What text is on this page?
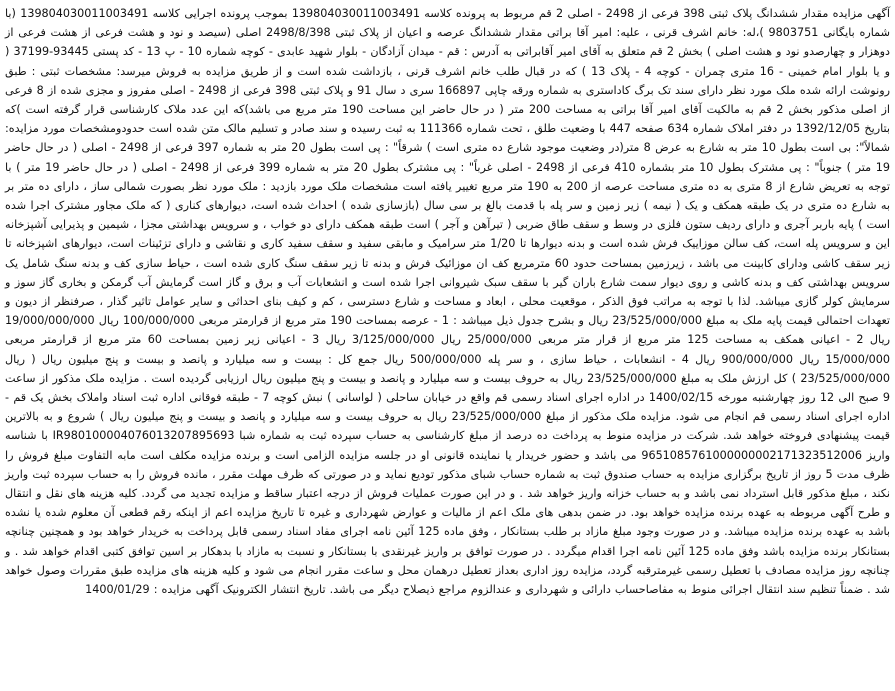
آگهی مزایده مقدار ششدانگ پلاک ثبتی 398 فرعی از 2498 - اصلی 2 قم مربوط به پرونده کلاسه 139804030011003491 بموجب پرونده اجرایی کلاسه 139804030011003491 (با شماره بایگانی 9803751 )،له: خانم اشرف قرنی ، علیه: امیر آقا براتی مقدار ششدانگ عرصه و اعیان از پلاک ثبتی 2498/8/398 اصلی (سیصد و نود و هشت فرعی از هشت فرعی از دوهزار و چهارصدو نود و هشت اصلی ) بخش 2 قم متعلق به آقای امیر آقابراتی به آدرس : قم - میدان آزادگان - بلوار شهید عابدی - کوچه شماره 10 - پ 13 - کد پستی 93445-37199 ( و یا بلوار امام خمینی - 16 متری چمران - کوچه 4 - پلاک 13 ) که در قبال طلب خانم اشرف قرنی ، بازداشت شده است و از طریق مزایده به فروش میرسد: مشخصات ثبتی : طبق رونوشت ارائه شده ملک مورد نظر دارای سند تک برگ کاداستری به شماره ورقه چاپی 166897 سری د سال 91 و پلاک ثبتی 398 فرعی از 2498 - اصلی مفروز و مجزی شده از 8 فرعی از اصلی مذکور بخش 2 قم به مالکیت آقای امیر آقا براتی به مساحت 200 متر ( در حال حاضر این مساحت 190 متر مربع می باشد)که این عدد ملاک کارشناسی قرار گرفته است )که بتاریخ 1392/12/05 در دفتر املاک شماره 634 صفحه 447 با وضعیت طلق ، تحت شماره 111366 به ثبت رسیده و سند صادر و تسلیم مالک متن شده است حدودومشخصات مورد مزایده: شمالاً": بی است بطول 10 متر به شارع به عرض 8 متر(در وضعیت موجود شارع ده متری است ) شرقاً" : پی است بطول 20 متر به شماره 397 فرعی از 2498 - اصلی ( در حال حاضر 19 متر ) جنوباً" : پی مشترک بطول 10 متر بشماره 410 فرعی از 2498 - اصلی غرباً" : پی مشترک بطول 20 متر به شماره 399 فرعی از 2498 - اصلی ( در حال حاضر 19 متر ) با توجه به تعریض شارع از 8 متری به ده متری مساحت عرصه از 200 به 190 متر مربع تغییر یافته است مشخصات ملک مورد بازدید : ملک مورد نظر بصورت شمالی ساز ، دارای ده متر بر به شارع ده متری در یک طبقه همکف و یک ( نیمه ) زیر زمین و سر پله با قدمت بالغ بر سی سال (بازسازی شده ) احداث شده است، دیوارهای کناری ( که ملک مجاور مشترک اجرا شده است ) پایه باربر آجری و دارای ردیف ستون فلزی در وسط و سقف طاق ضربی ( تیرآهن و آجر ) است طبقه همکف دارای دو خواب ، و سرویس بهداشتی مجزا ، شیمین و پذیرایی آشپزخانه این و سرویس پله است، کف سالن موزاییک فرش شده است و بدنه دیوارها تا 1/20 متر سرامیک و مابقی سفید و سقف سفید کاری و نقاشی و دارای تزئینات است، دیوارهای اشپزخانه تا زیر سقف کاشی ودارای کابینت می باشد ، زیرزمین بمساحت حدود 60 مترمربع کف ان موزائیک فرش و بدنه تا زیر سقف سنگ کاری شده است ، حیاط سازی کف و بدنه سنگ شامل یک سرویس بهداشتی کف و بدنه کاشی و روی دیوار سمت شارع باران گیر با سقف سبک شیروانی اجرا شده است و انشعابات آب و برق و گاز است گرمایش آب گرمکن و بخاری گاز سوز و سرمایش کولر گازی میباشد. لذا با توجه به مراتب فوق الذکر ، موقعیت محلی ، ابعاد و مساحت و شارع دسترسی ، کم و کیف بنای احداثی و سایر عوامل تاثیر گذار ، صرفنظر از دیون و تعهدات احتمالی قیمت پایه ملک به مبلغ 23/525/000/000 ریال و بشرح جدول ذیل میباشد : 1 - عرصه بمساحت 190 متر مربع از قرارمتر مربعی 100/000/000 ریال 19/000/000/000 ریال 2 - اعیانی همکف به مساحت 125 متر مربع از قرار متر مربعی 25/000/000 ریال 3/125/000/000 ریال 3 - اعیانی زیر زمین بمساحت 60 متر مربع از قرارمتر مربعی 15/000/000 ریال 900/000/000 ریال 4 - انشعابات ، حیاط سازی ، و سر پله 500/000/000 ریال جمع کل : بیست و سه میلیارد و پانصد و بیست و پنج میلیون ریال ( ریال 23/525/000/000 ) کل ارزش ملک به مبلغ 23/525/000/000 ریال به حروف بیست و سه میلیارد و پانصد و بیست و پنج میلیون ریال ارزیابی گردیده است . مزایده ملک مذکور از ساعت 9 صبح الی 12 روز چهارشنبه مورخه 1400/02/15 در اداره اجرای اسناد رسمی قم واقع در خیابان ساحلی ( لواسانی ) نبش کوچه 7 - طبقه فوقانی اداره ثبت اسناد واملاک بخش یک قم - اداره اجرای اسناد رسمی قم انجام می شود. مزایده ملک مذکور از مبلغ 23/525/000/000 ریال به حروف بیست و سه میلیارد و پانصد و بیست و پنج میلیون ریال ) شروع و به بالاترین قیمت پیشنهادی فروخته خواهد شد. شرکت در مزایده منوط به پرداخت ده درصد از مبلغ کارشناسی به حساب سپرده ثبت به شماره شبا IR980100004076013207895693 با شناسه واریز 9651085761000000002171323512006 می باشد و حضور خریدار یا نماینده قانونی او در جلسه مزایده الزامی است و برنده مزایده مکلف است مابه التفاوت مبلغ فروش را ظرف مدت 5 روز از تاریخ برگزاری مزایده به حساب صندوق ثبت به شماره حساب شبای مذکور تودیع نماید و در صورتی که ظرف مهلت مقرر ، مانده فروش را به حساب سپرده ثبت واریز نکند ، مبلغ مذکور قابل استرداد نمی باشد و به حساب خزانه واریز خواهد شد . و در این صورت عملیات فروش از درجه اعتبار ساقط و مزایده تجدید می گردد. کلیه هزینه های نقل و انتقال و طرح آگهی مربوطه به عهده برنده مزایده خواهد بود. در ضمن بدهی های ملک اعم از مالیات و عوارض شهرداری و غیره تا تاریخ مزایده اعم از اینکه رقم قطعی آن معلوم شده یا نشده باشد به عهده برنده مزایده میباشد. و در صورت وجود مبلغ مازاد بر طلب بستانکار ، وفق ماده 125 آئین نامه اجرای مفاد اسناد رسمی قابل پرداخت به خریدار خواهد بود و همچنین چنانچه بستانکار برنده مزایده باشد وفق ماده 125 آئین نامه اجرا اقدام میگردد . در صورت توافق بر واریز غیرنقدی با بستانکار و نسبت به مازاد با بدهکار بر اسین توافق کتبی اقدام خواهد شد . و چنانچه روز مزایده مصادف با تعطیل رسمی غیرمترقبه گردد، مزایده روز اداری بعداز تعطیل درهمان محل و ساعت مقرر انجام می شود و کلیه هزینه های مزایده طبق مقررات وصول خواهد شد . ضمناً تنظیم سند انتقال اجرائی منوط به مفاصاحساب دارائی و شهرداری و عندالزوم مراجع ذیصلاح دیگر می باشد. تاریخ انتشار الکترونیک آگهی مزایده : 1400/01/29
